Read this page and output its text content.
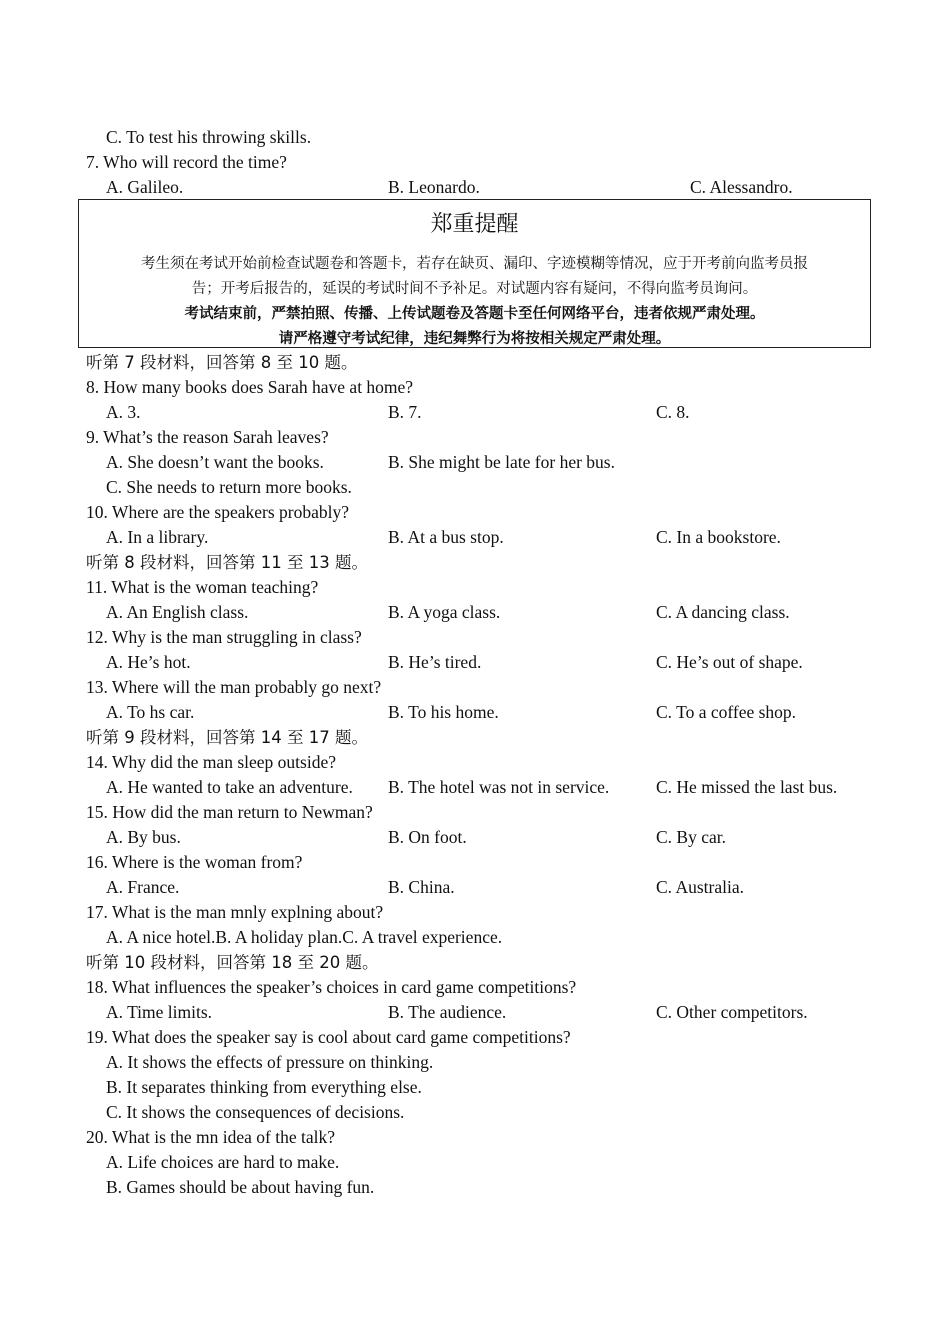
C. To test his throwing skills.
7. Who will record the time?
A. Galileo.	B. Leonardo.	C. Alessandro.
郑重提醒
考生须在考试开始前检查试题卷和答题卡，若存在缺页、漏印、字迹模糊等情况，应于开考前向监考员报
告；开考后报告的，延误的考试时间不予补足。对试题内容有疑问，不得向监考员询问。
考试结束前，严禁拍照、传播、上传试题卷及答题卡至任何网络平台，违者依规严肃处理。
请严格遵守考试纪律，违纪舞弊行为将按相关规定严肃处理。
听第 7 段材料，回答第 8 至 10 题。
8. How many books does Sarah have at home?
A. 3.	B. 7.	C. 8.
9. What’s the reason Sarah leaves?
A. She doesn’t want the books.	B. She might be late for her bus.
C. She needs to return more books.
10. Where are the speakers probably?
A. In a library.	B. At a bus stop.	C. In a bookstore.
听第 8 段材料，回答第 11 至 13 题。
11. What is the woman teaching?
A. An English class.	B. A yoga class.	C. A dancing class.
12. Why is the man struggling in class?
A. He’s hot.	B. He’s tired.	C. He’s out of shape.
13. Where will the man probably go next?
A. To hs car.	B. To his home.	C. To a coffee shop.
听第 9 段材料，回答第 14 至 17 题。
14. Why did the man sleep outside?
A. He wanted to take an adventure. B. The hotel was not in service.	C. He missed the last bus.
15. How did the man return to Newman?
A. By bus.	B. On foot.	C. By car.
16. Where is the woman from?
A. France.	B. China.	C. Australia.
17. What is the man mnly explning about?
A. A nice hotel.B. A holiday plan.C. A travel experience.
听第 10 段材料，回答第 18 至 20 题。
18. What influences the speaker’s choices in card game competitions?
A. Time limits.	B. The audience.	C. Other competitors.
19. What does the speaker say is cool about card game competitions?
A. It shows the effects of pressure on thinking.
B. It separates thinking from everything else.
C. It shows the consequences of decisions.
20. What is the mn idea of the talk?
A. Life choices are hard to make.
B. Games should be about having fun.
